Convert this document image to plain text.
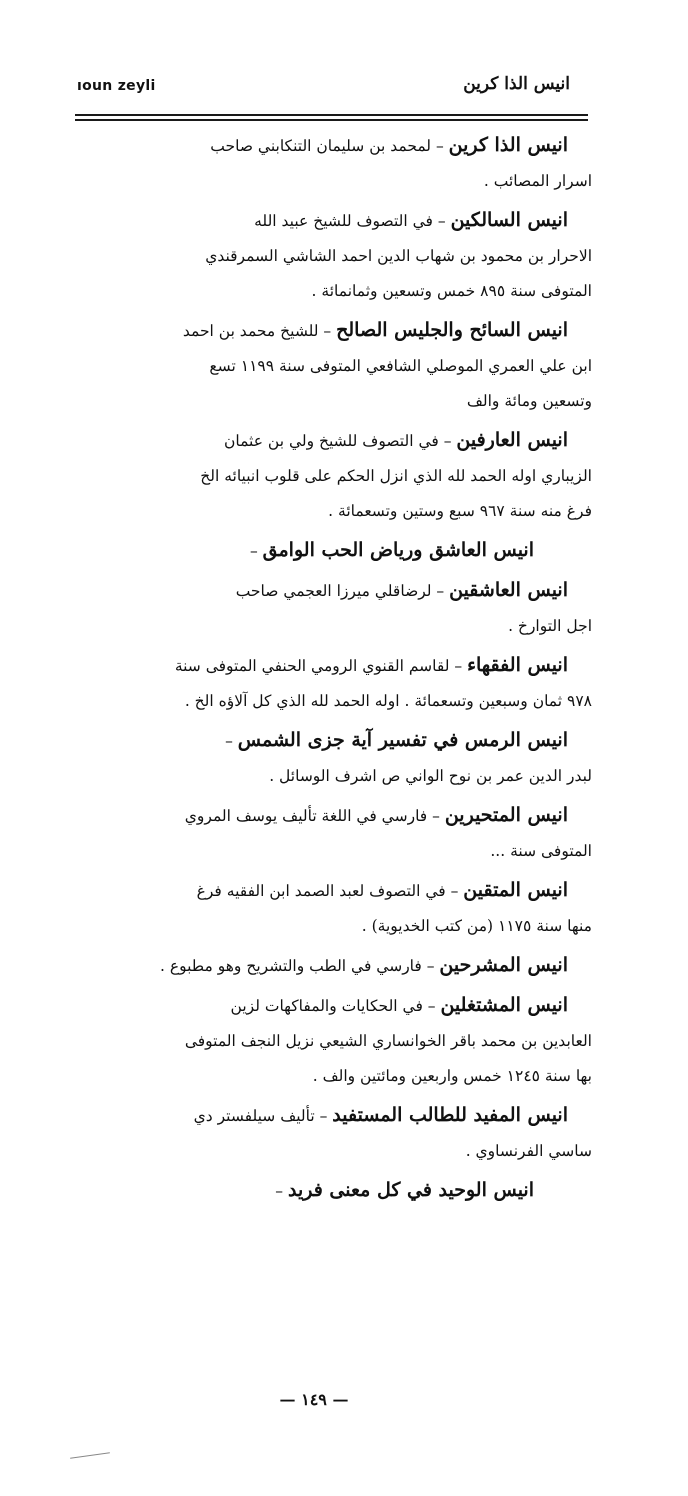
ıoun zeyli	انيس الذا كرين
انيس الذا كرين – لمحمد بن سليمان التنكابني صاحب
اسرار المصائب .
انيس السالكين – في التصوف للشيخ عبيد الله
الاحرار بن محمود بن شهاب الدين احمد الشاشي السمرقندي
المتوفى سنة ٨٩٥ خمس وتسعين وثمانمائة .
انيس السائح والجليس الصالح – للشيخ محمد بن احمد
ابن علي العمري الموصلي الشافعي المتوفى سنة ١١٩٩ تسع
وتسعين ومائة والف
انيس العارفين – في التصوف للشيخ ولي بن عثمان
الزيباري اوله الحمد لله الذي انزل الحكم على قلوب انبيائه الخ
فرغ منه سنة ٩٦٧ سبع وستين وتسعمائة .
انيس العاشق ورياض الحب الوامق –
انيس العاشقين – لرضاقلي ميرزا العجمي صاحب
اجل التوارخ .
انيس الفقهاء – لقاسم القنوي الرومي الحنفي المتوفى سنة
٩٧٨ ثمان وسبعين وتسعمائة . اوله الحمد لله الذي كل آلاؤه الخ .
انيس الرمس في تفسير آية جزى الشمس –
لبدر الدين عمر بن نوح الواني ص اشرف الوسائل .
انيس المتحيرين – فارسي في اللغة تأليف يوسف المروي
المتوفى سنة ...
انيس المتقين – في التصوف لعبد الصمد ابن الفقيه فرغ
منها سنة ١١٧٥ (من كتب الخديوية) .
انيس المشرحين – فارسي في الطب والتشريح وهو مطبوع .
انيس المشتغلين – في الحكايات والمفاكهات لزين
العابدين بن محمد باقر الخوانساري الشيعي نزيل النجف المتوفى
بها سنة ١٢٤٥ خمس واربعين ومائتين والف .
انيس المفيد للطالب المستفيد – تأليف سيلفستر دي
ساسي الفرنساوي .
انيس الوحيد في كل معنى فريد –
— ١٤٩ —
